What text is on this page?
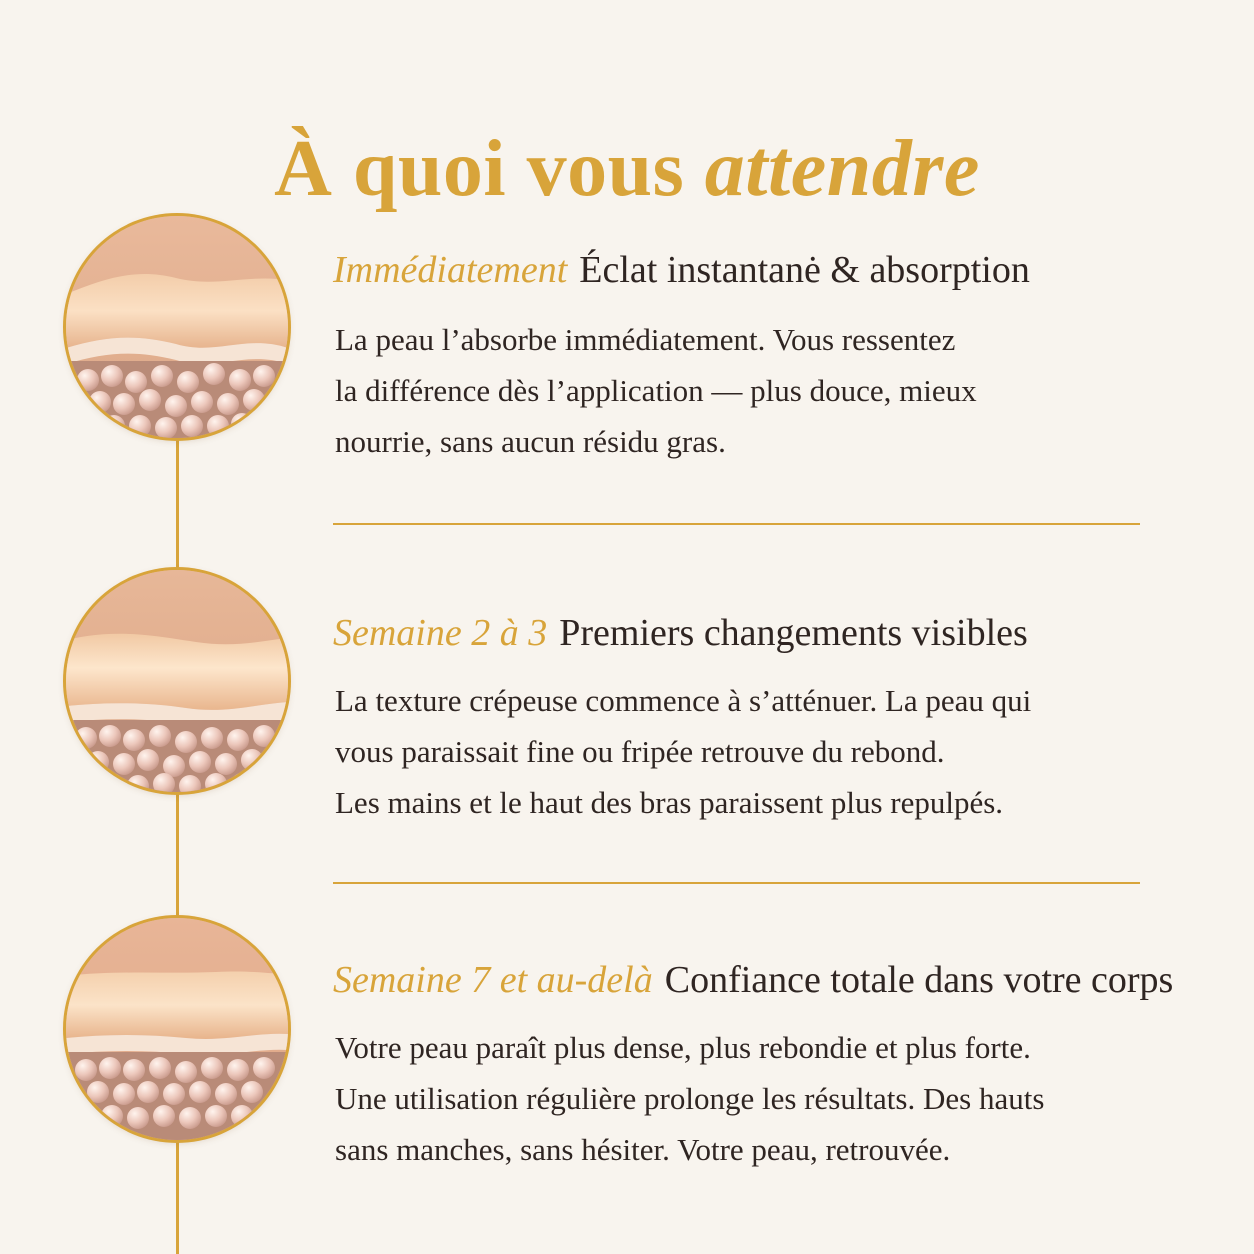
À quoi vous attendre
Immédiatement Éclat instantanė & absorption
La peau l’absorbe immédiatement. Vous ressentez
la différence dès l’application — plus douce, mieux
nourrie, sans aucun résidu gras.
Semaine 2 à 3 Premiers changements visibles
La texture crépeuse commence à s’atténuer. La peau qui
vous paraissait fine ou fripée retrouve du rebond.
Les mains et le haut des bras paraissent plus repulpés.
Semaine 7 et au-delà Confiance totale dans votre corps
Votre peau paraît plus dense, plus rebondie et plus forte.
Une utilisation régulière prolonge les résultats. Des hauts
sans manches, sans hésiter. Votre peau, retrouvée.
